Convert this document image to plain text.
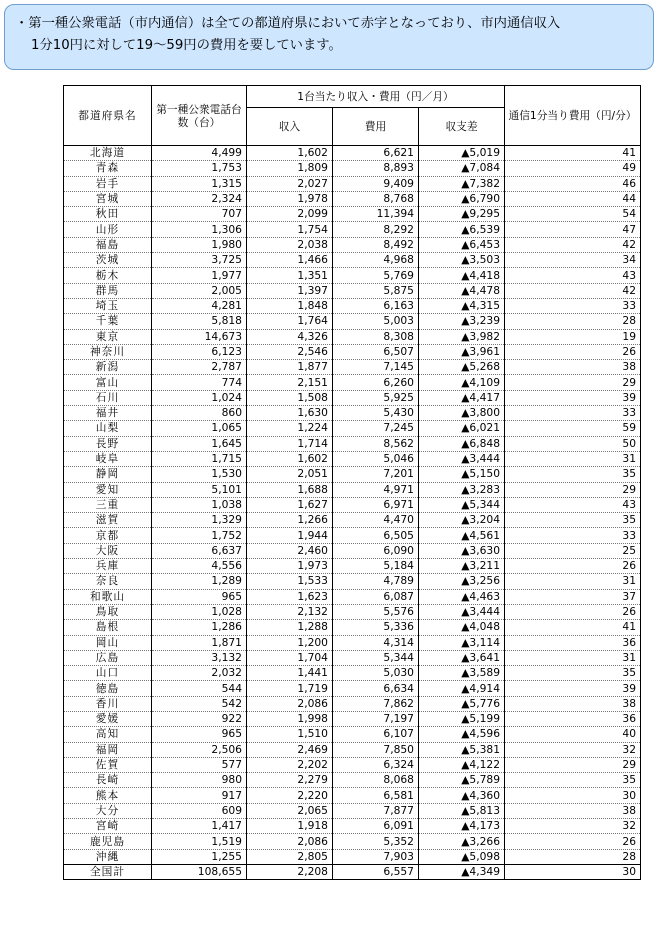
・第一種公衆電話（市内通信）は全ての都道府県において赤字となっており、市内通信収入

1分10円に対して19～59円の費用を要しています。

都道府県名	第一種公衆電話台数（台）	1台当たり収入・費用（円／月）			通信1分当り費用（円/分）
		収入	費用	収支差	
北海道	4,499	1,602	6,621	▲5,019	41
青森	1,753	1,809	8,893	▲7,084	49
岩手	1,315	2,027	9,409	▲7,382	46
宮城	2,324	1,978	8,768	▲6,790	44
秋田	707	2,099	11,394	▲9,295	54
山形	1,306	1,754	8,292	▲6,539	47
福島	1,980	2,038	8,492	▲6,453	42
茨城	3,725	1,466	4,968	▲3,503	34
栃木	1,977	1,351	5,769	▲4,418	43
群馬	2,005	1,397	5,875	▲4,478	42
埼玉	4,281	1,848	6,163	▲4,315	33
千葉	5,818	1,764	5,003	▲3,239	28
東京	14,673	4,326	8,308	▲3,982	19
神奈川	6,123	2,546	6,507	▲3,961	26
新潟	2,787	1,877	7,145	▲5,268	38
富山	774	2,151	6,260	▲4,109	29
石川	1,024	1,508	5,925	▲4,417	39
福井	860	1,630	5,430	▲3,800	33
山梨	1,065	1,224	7,245	▲6,021	59
長野	1,645	1,714	8,562	▲6,848	50
岐阜	1,715	1,602	5,046	▲3,444	31
静岡	1,530	2,051	7,201	▲5,150	35
愛知	5,101	1,688	4,971	▲3,283	29
三重	1,038	1,627	6,971	▲5,344	43
滋賀	1,329	1,266	4,470	▲3,204	35
京都	1,752	1,944	6,505	▲4,561	33
大阪	6,637	2,460	6,090	▲3,630	25
兵庫	4,556	1,973	5,184	▲3,211	26
奈良	1,289	1,533	4,789	▲3,256	31
和歌山	965	1,623	6,087	▲4,463	37
鳥取	1,028	2,132	5,576	▲3,444	26
島根	1,286	1,288	5,336	▲4,048	41
岡山	1,871	1,200	4,314	▲3,114	36
広島	3,132	1,704	5,344	▲3,641	31
山口	2,032	1,441	5,030	▲3,589	35
徳島	544	1,719	6,634	▲4,914	39
香川	542	2,086	7,862	▲5,776	38
愛媛	922	1,998	7,197	▲5,199	36
高知	965	1,510	6,107	▲4,596	40
福岡	2,506	2,469	7,850	▲5,381	32
佐賀	577	2,202	6,324	▲4,122	29
長崎	980	2,279	8,068	▲5,789	35
熊本	917	2,220	6,581	▲4,360	30
大分	609	2,065	7,877	▲5,813	38
宮崎	1,417	1,918	6,091	▲4,173	32
鹿児島	1,519	2,086	5,352	▲3,266	26
沖縄	1,255	2,805	7,903	▲5,098	28
全国計	108,655	2,208	6,557	▲4,349	30
